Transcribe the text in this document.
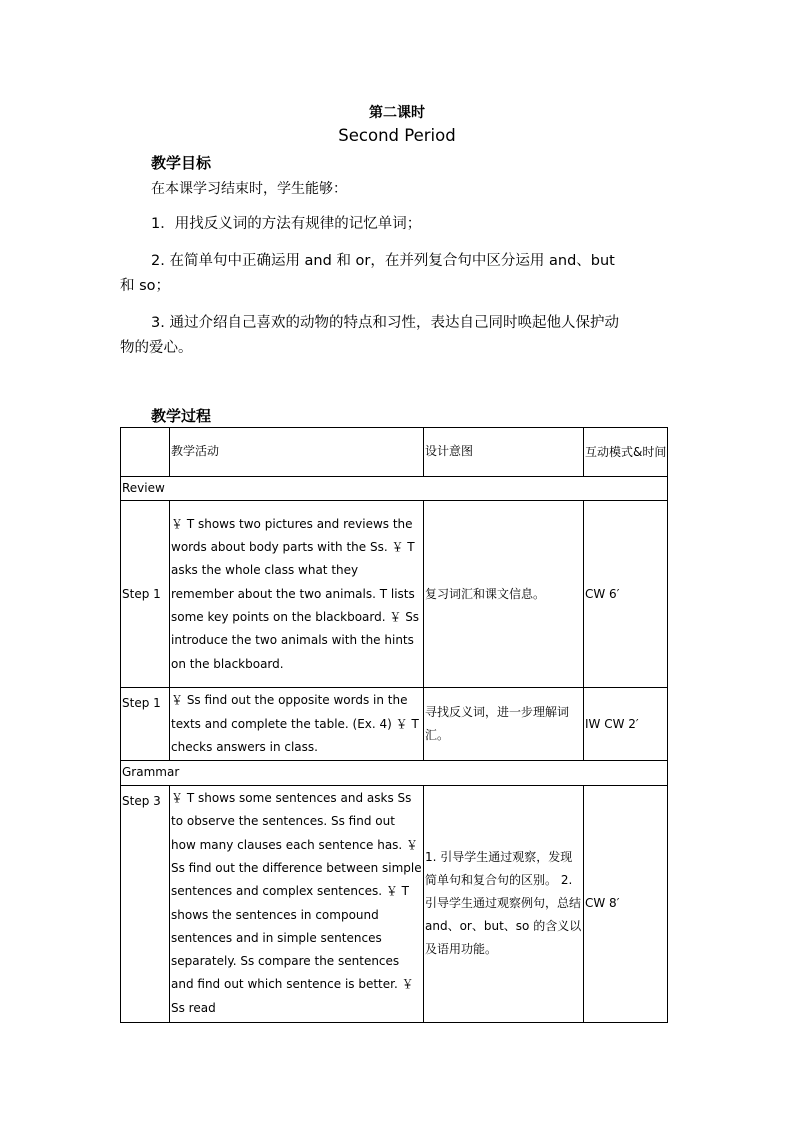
第二课时
Second Period
教学目标
在本课学习结束时，学生能够：
1．用找反义词的方法有规律的记忆单词；
2. 在简单句中正确运用 and 和 or，在并列复合句中区分运用 and、but
和 so；
3. 通过介绍自己喜欢的动物的特点和习性，表达自己同时唤起他人保护动
物的爱心。
教学过程
	教学活动	设计意图	互动模式&时间
Review			
Step 1	￥ T shows two pictures and reviews the words about body parts with the Ss. ￥ T asks the whole class what they remember about the two animals. T lists some key points on the blackboard. ￥ Ss introduce the two animals with the hints on the blackboard.	复习词汇和课文信息。	CW 6′
Step 1	￥ Ss find out the opposite words in the texts and complete the table. (Ex. 4) ￥ T checks answers in class.	寻找反义词，进一步理解词汇。	IW CW 2′
Grammar			
Step 3	￥ T shows some sentences and asks Ss to observe the sentences. Ss find out how many clauses each sentence has. ￥ Ss find out the difference between simple sentences and complex sentences. ￥ T shows the sentences in compound sentences and in simple sentences separately. Ss compare the sentences and find out which sentence is better. ￥ Ss read	1. 引导学生通过观察，发现简单句和复合句的区别。 2. 引导学生通过观察例句，总结 and、or、but、so 的含义以及语用功能。	CW 8′
